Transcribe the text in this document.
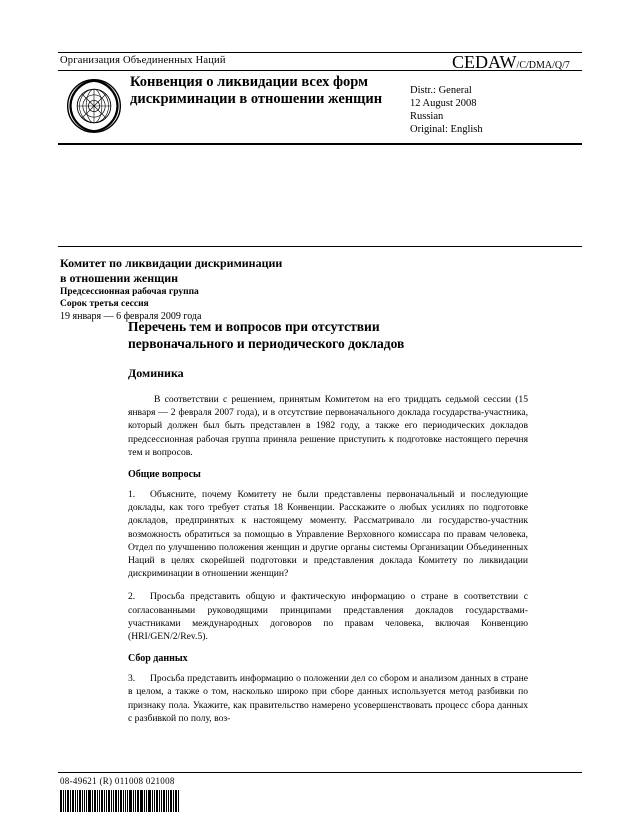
Организация Объединенных Наций	CEDAW/C/DMA/Q/7
Конвенция о ликвидации всех форм дискриминации в отношении женщин
Distr.: General
12 August 2008
Russian
Original: English
Комитет по ликвидации дискриминации
в отношении женщин
Предсессионная рабочая группа
Сорок третья сессия
19 января — 6 февраля 2009 года
Перечень тем и вопросов при отсутствии
первоначального и периодического докладов
Доминика

В соответствии с решением, принятым Комитетом на его тридцать седьмой сессии (15 января — 2 февраля 2007 года), и в отсутствие первоначального доклада государства-участника, который должен был быть представлен в 1982 году, а также его периодических докладов предсессионная рабочая группа приняла решение приступить к подготовке настоящего перечня тем и вопросов.

Общие вопросы

1. Объясните, почему Комитету не были представлены первоначальный и последующие доклады, как того требует статья 18 Конвенции. Расскажите о любых усилиях по подготовке докладов, предпринятых к настоящему моменту. Рассматривало ли государство-участник возможность обратиться за помощью в Управление Верховного комиссара по правам человека, Отдел по улучшению положения женщин и другие органы системы Организации Объединенных Наций в целях скорейшей подготовки и представления доклада Комитету по ликвидации дискриминации в отношении женщин?

2. Просьба представить общую и фактическую информацию о стране в соответствии с согласованными руководящими принципами представления докладов государствами-участниками международных договоров по правам человека, включая Конвенцию (HRI/GEN/2/Rev.5).

Сбор данных

3. Просьба представить информацию о положении дел со сбором и анализом данных в стране в целом, а также о том, насколько широко при сборе данных используется метод разбивки по признаку пола. Укажите, как правительство намерено усовершенствовать процесс сбора данных с разбивкой по полу, воз-

08-49621 (R) 011008 021008
